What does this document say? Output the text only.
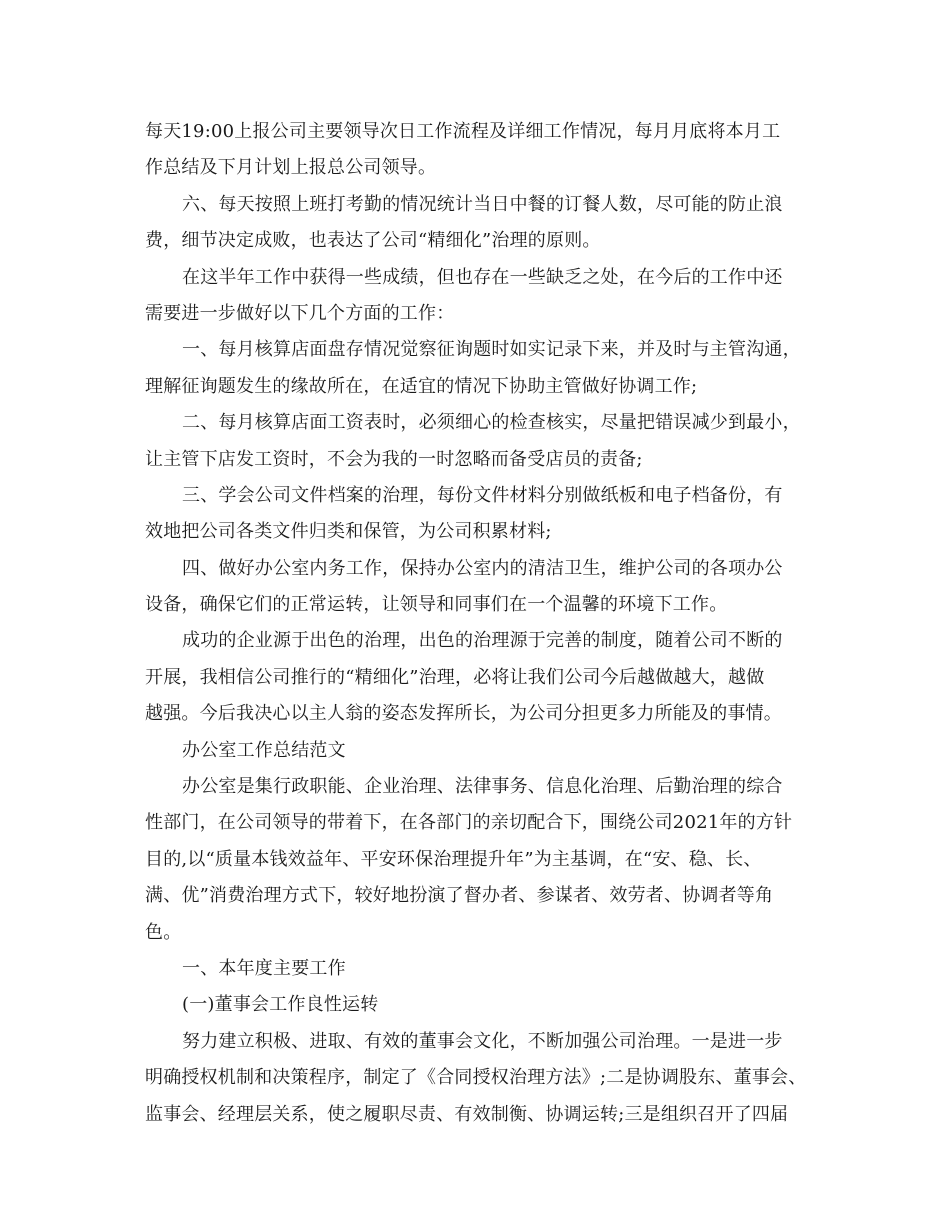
每天19:00上报公司主要领导次日工作流程及详细工作情况，每月月底将本月工
作总结及下月计划上报总公司领导。
六、每天按照上班打考勤的情况统计当日中餐的订餐人数，尽可能的防止浪
费，细节决定成败，也表达了公司“精细化”治理的原则。
在这半年工作中获得一些成绩，但也存在一些缺乏之处，在今后的工作中还
需要进一步做好以下几个方面的工作：
一、每月核算店面盘存情况觉察征询题时如实记录下来，并及时与主管沟通，
理解征询题发生的缘故所在，在适宜的情况下协助主管做好协调工作;
二、每月核算店面工资表时，必须细心的检查核实，尽量把错误减少到最小，
让主管下店发工资时，不会为我的一时忽略而备受店员的责备;
三、学会公司文件档案的治理，每份文件材料分别做纸板和电子档备份，有
效地把公司各类文件归类和保管，为公司积累材料;
四、做好办公室内务工作，保持办公室内的清洁卫生，维护公司的各项办公
设备，确保它们的正常运转，让领导和同事们在一个温馨的环境下工作。
成功的企业源于出色的治理，出色的治理源于完善的制度，随着公司不断的
开展，我相信公司推行的“精细化”治理，必将让我们公司今后越做越大，越做
越强。今后我决心以主人翁的姿态发挥所长，为公司分担更多力所能及的事情。
办公室工作总结范文
办公室是集行政职能、企业治理、法律事务、信息化治理、后勤治理的综合
性部门，在公司领导的带着下，在各部门的亲切配合下，围绕公司2021年的方针
目的,以“质量本钱效益年、平安环保治理提升年”为主基调，在“安、稳、长、
满、优”消费治理方式下，较好地扮演了督办者、参谋者、效劳者、协调者等角
色。
一、本年度主要工作
(一)董事会工作良性运转
努力建立积极、进取、有效的董事会文化，不断加强公司治理。一是进一步
明确授权机制和决策程序，制定了《合同授权治理方法》;二是协调股东、董事会、
监事会、经理层关系，使之履职尽责、有效制衡、协调运转;三是组织召开了四届
